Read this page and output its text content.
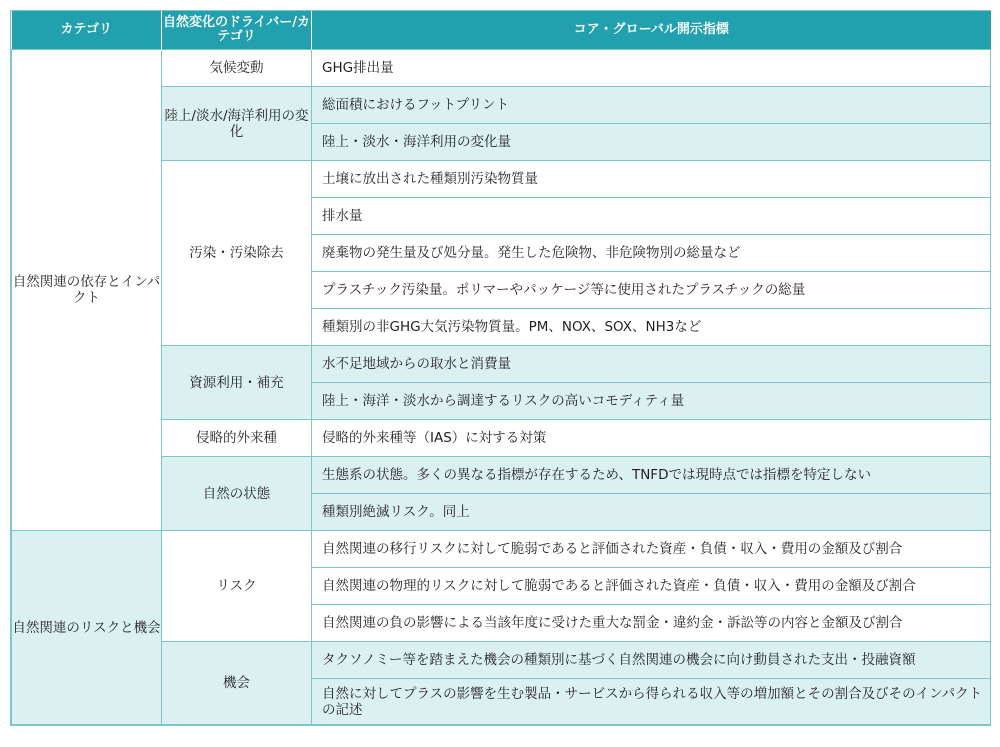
カテゴリ	自然変化のドライバー/カテゴリ	コア・グローバル開示指標
自然関連の依存とインパクト	気候変動	GHG排出量
	陸上/淡水/海洋利用の変化	総面積におけるフットプリント
		陸上・淡水・海洋利用の変化量
	汚染・汚染除去	土壌に放出された種類別汚染物質量
		排水量
		廃棄物の発生量及び処分量。発生した危険物、非危険物別の総量など
		プラスチック汚染量。ポリマーやパッケージ等に使用されたプラスチックの総量
		種類別の非GHG大気汚染物質量。PM、NOX、SOX、NH3など
	資源利用・補充	水不足地域からの取水と消費量
		陸上・海洋・淡水から調達するリスクの高いコモディティ量
	侵略的外来種	侵略的外来種等（IAS）に対する対策
	自然の状態	生態系の状態。多くの異なる指標が存在するため、TNFDでは現時点では指標を特定しない
		種類別絶滅リスク。同上
自然関連のリスクと機会	リスク	自然関連の移行リスクに対して脆弱であると評価された資産・負債・収入・費用の金額及び割合
		自然関連の物理的リスクに対して脆弱であると評価された資産・負債・収入・費用の金額及び割合
		自然関連の負の影響による当該年度に受けた重大な罰金・違約金・訴訟等の内容と金額及び割合
	機会	タクソノミー等を踏まえた機会の種類別に基づく自然関連の機会に向け動員された支出・投融資額
		自然に対してプラスの影響を生む製品・サービスから得られる収入等の増加額とその割合及びそのインパクトの記述
